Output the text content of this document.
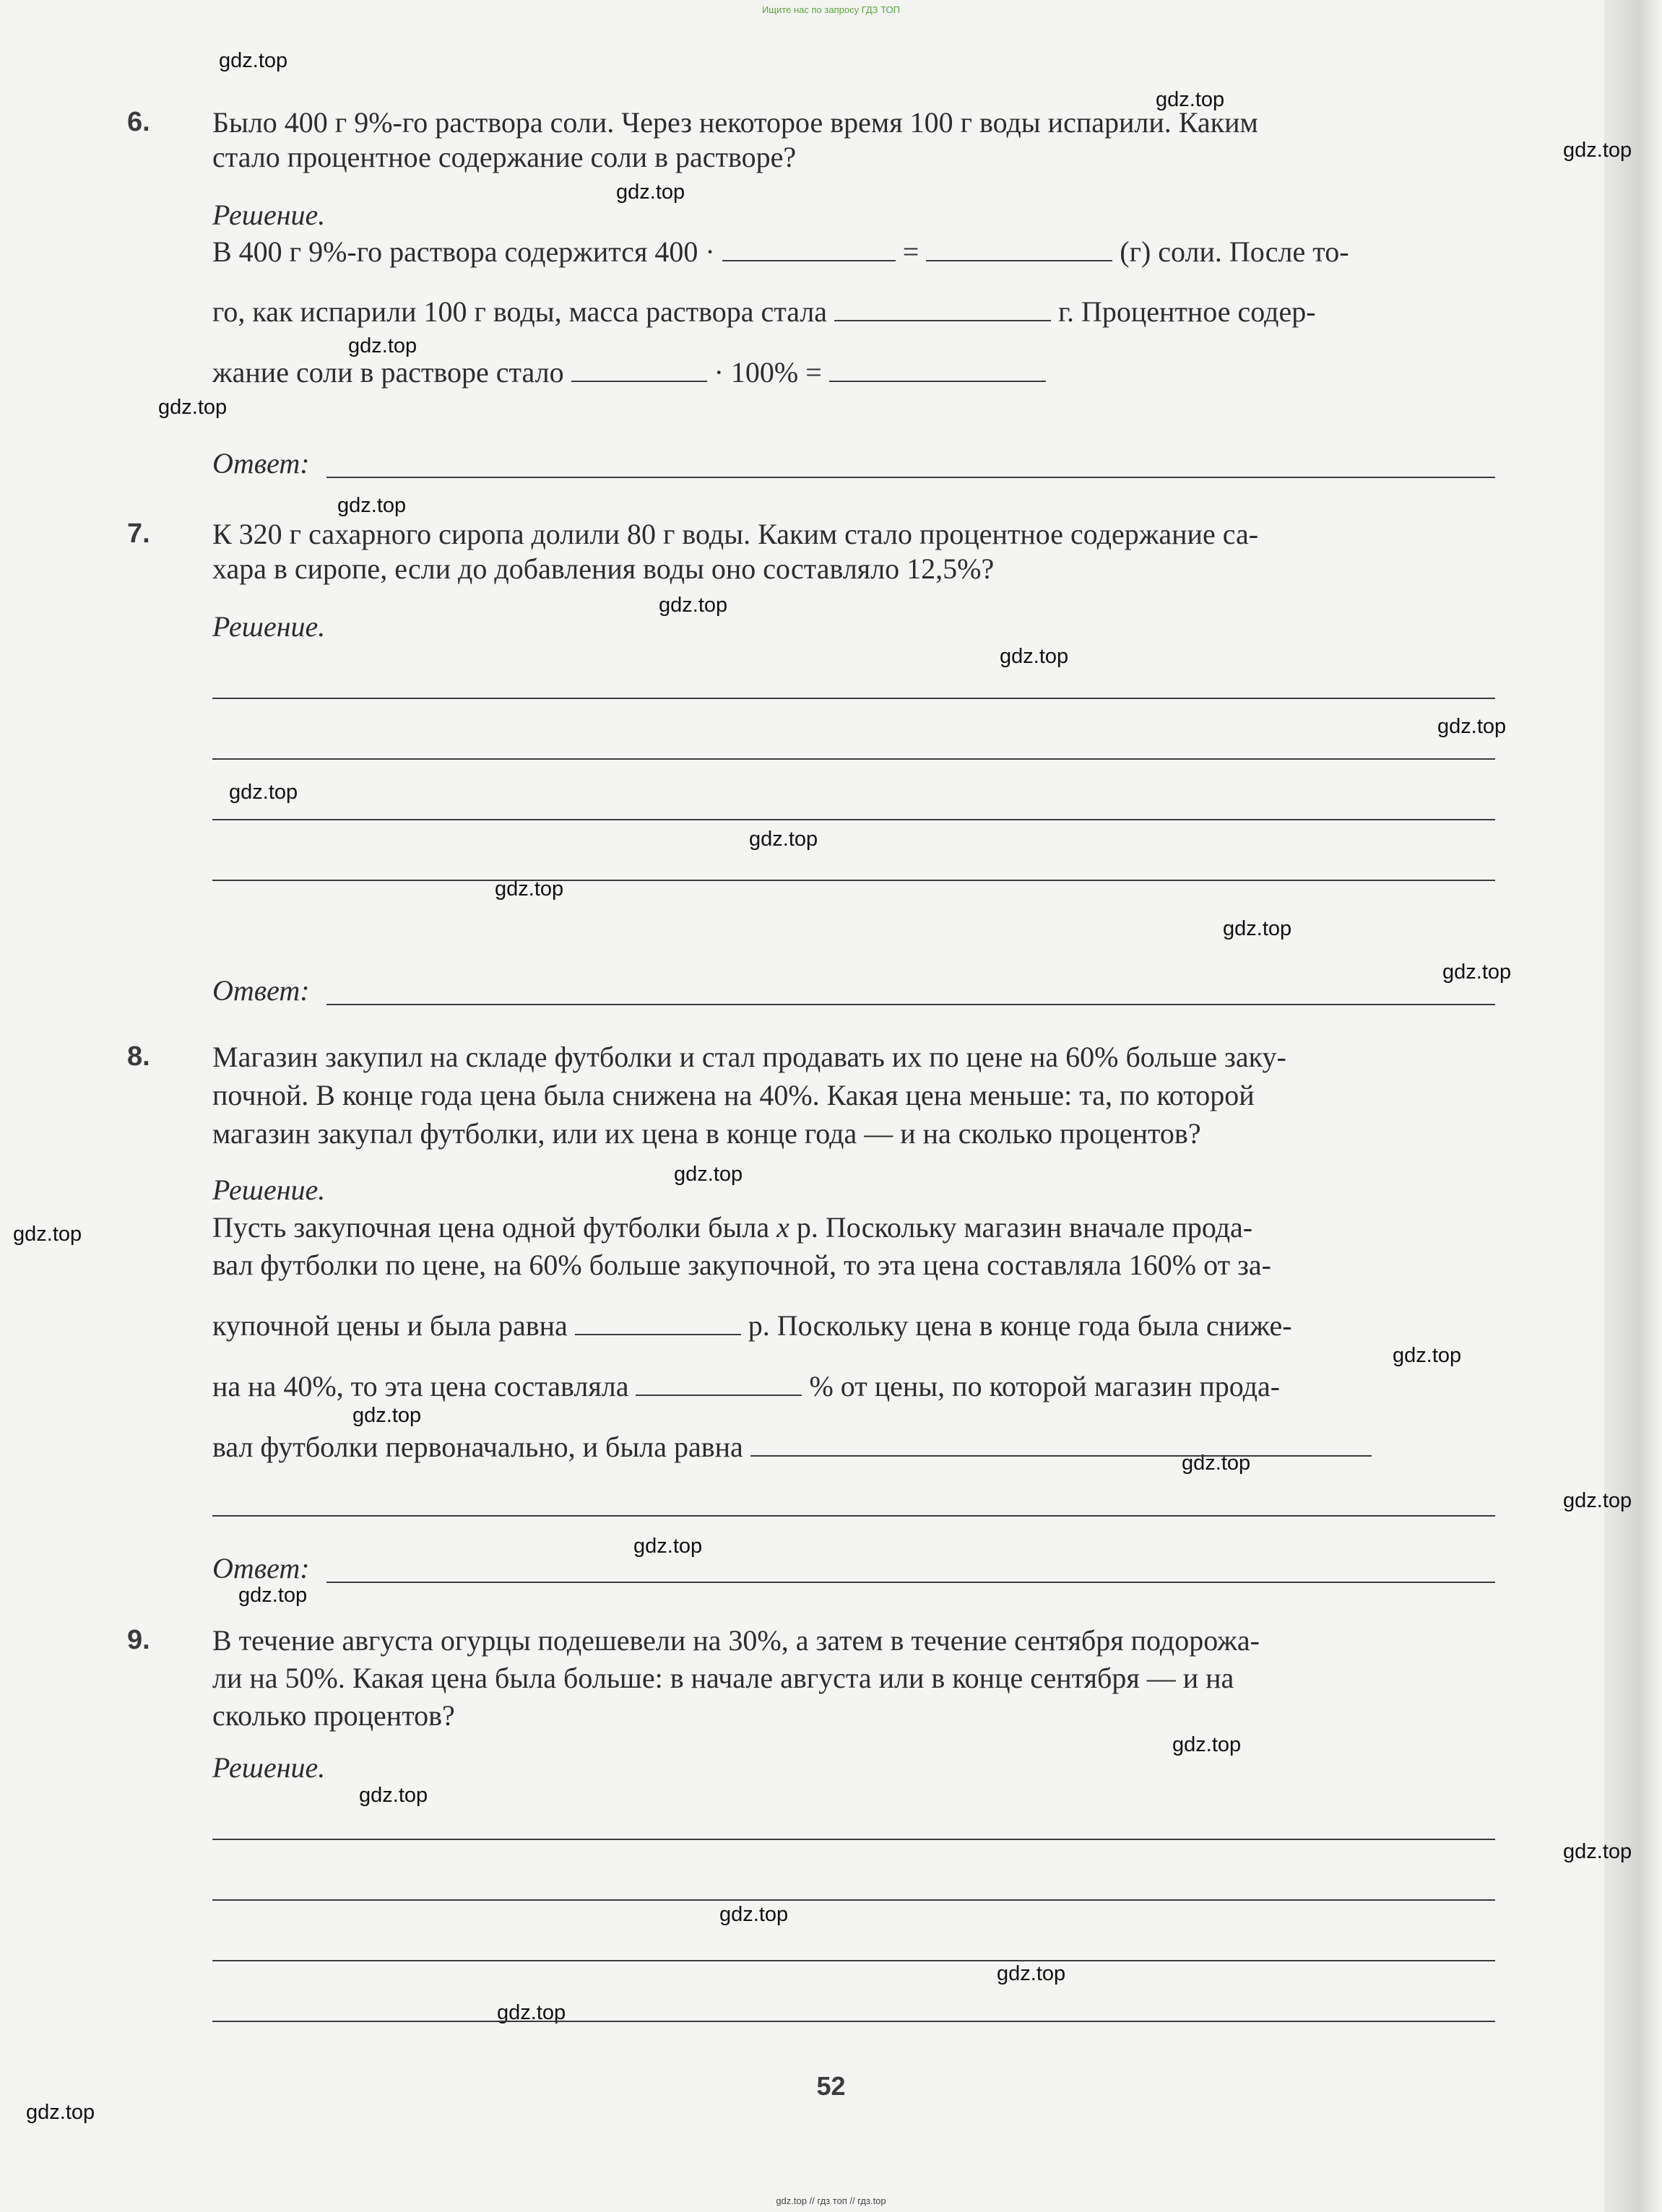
Ищите нас по запросу ГДЗ ТОП
gdz.top
gdz.top
gdz.top
gdz.top
gdz.top
gdz.top
gdz.top
gdz.top
gdz.top
gdz.top
gdz.top
gdz.top
gdz.top
gdz.top
gdz.top
gdz.top
gdz.top
gdz.top
gdz.top
gdz.top
gdz.top
gdz.top
gdz.top
gdz.top
gdz.top
gdz.top
gdz.top
gdz.top
gdz.top
gdz.top
6. Было 400 г 9%-го раствора соли. Через некоторое время 100 г воды испарили. Каким
стало процентное содержание соли в растворе?
Решение.
В 400 г 9%-го раствора содержится 400 ·	=	(г) соли. После то-
го, как испарили 100 г воды, масса раствора стала	г. Процентное содер-
жание соли в растворе стало	· 100% =
Ответ:
7. К 320 г сахарного сиропа долили 80 г воды. Каким стало процентное содержание са-
хара в сиропе, если до добавления воды оно составляло 12,5%?
Решение.
Ответ:
8. Магазин закупил на складе футболки и стал продавать их по цене на 60% больше заку-
почной. В конце года цена была снижена на 40%. Какая цена меньше: та, по которой
магазин закупал футболки, или их цена в конце года — и на сколько процентов?
Решение.
Пусть закупочная цена одной футболки была x р. Поскольку магазин вначале прода-
вал футболки по цене, на 60% больше закупочной, то эта цена составляла 160% от за-
купочной цены и была равна	р. Поскольку цена в конце года была сниже-
на на 40%, то эта цена составляла	% от цены, по которой магазин прода-
вал футболки первоначально, и была равна
Ответ:
9. В течение августа огурцы подешевели на 30%, а затем в течение сентября подорожа-
ли на 50%. Какая цена была больше: в начале августа или в конце сентября — и на
сколько процентов?
Решение.
52
gdz.top // гдз топ // гдз.top
